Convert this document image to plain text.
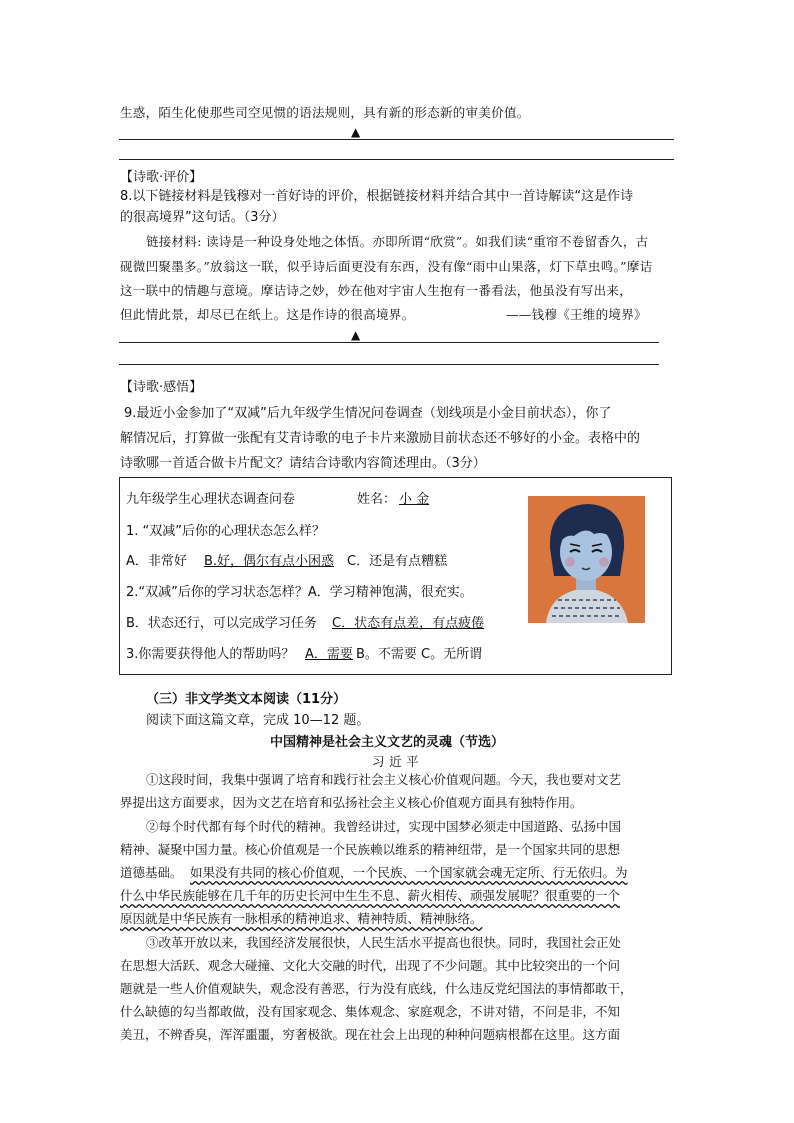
生惑，陌生化使那些司空见惯的语法规则，具有新的形态新的审美价值。
▲
【诗歌·评价】
8.以下链接材料是钱穆对一首好诗的评价，根据链接材料并结合其中一首诗解读“这是作诗
的很高境界”这句话。（3分）
链接材料: 读诗是一种设身处地之体悟。亦即所谓“欣赏”。如我们读“重帘不卷留香久，古
砚微凹聚墨多。”放翁这一联，似乎诗后面更没有东西，没有像“雨中山果落，灯下草虫鸣。”摩诘
这一联中的情趣与意境。摩诘诗之妙，妙在他对宇宙人生抱有一番看法，他虽没有写出来，
但此情此景，却尽已在纸上。这是作诗的很高境界。	——钱穆《王维的境界》
▲
【诗歌·感悟】
9.最近小金参加了“双减”后九年级学生情况问卷调查（划线项是小金目前状态），你了
解情况后，打算做一张配有艾青诗歌的电子卡片来激励目前状态还不够好的小金。表格中的
诗歌哪一首适合做卡片配文？请结合诗歌内容简述理由。（3分）
九年级学生心理状态调查问卷	姓名： 小 金
1. “双减”后你的心理状态怎么样？
A．非常好 B.好，偶尔有点小困惑 C．还是有点糟糕
2.“双减”后你的学习状态怎样？A．学习精神饱满，很充实。
B．状态还行，可以完成学习任务 C．状态有点差，有点疲倦
3.你需要获得他人的帮助吗？ A．需要 B。不需要 C。无所谓
（三）非文学类文本阅读（11分）
阅读下面这篇文章，完成 10—12 题。
中国精神是社会主义文艺的灵魂（节选）
习 近 平
①这段时间，我集中强调了培育和践行社会主义核心价值观问题。今天，我也要对文艺
界提出这方面要求，因为文艺在培育和弘扬社会主义核心价值观方面具有独特作用。
②每个时代都有每个时代的精神。我曾经讲过，实现中国梦必须走中国道路、弘扬中国
精神、凝聚中国力量。核心价值观是一个民族赖以维系的精神纽带，是一个国家共同的思想
道德基础。 如果没有共同的核心价值观，一个民族、一个国家就会魂无定所、行无依归。为
什么中华民族能够在几千年的历史长河中生生不息、薪火相传、顽强发展呢？很重要的一个
原因就是中华民族有一脉相承的精神追求、精神特质、精神脉络。
③改革开放以来，我国经济发展很快，人民生活水平提高也很快。同时，我国社会正处
在思想大活跃、观念大碰撞、文化大交融的时代，出现了不少问题。其中比较突出的一个问
题就是一些人价值观缺失，观念没有善恶，行为没有底线，什么违反党纪国法的事情都敢干，
什么缺德的勾当都敢做，没有国家观念、集体观念、家庭观念，不讲对错，不问是非，不知
美丑，不辨香臭，浑浑噩噩，穷奢极欲。现在社会上出现的种种问题病根都在这里。这方面
